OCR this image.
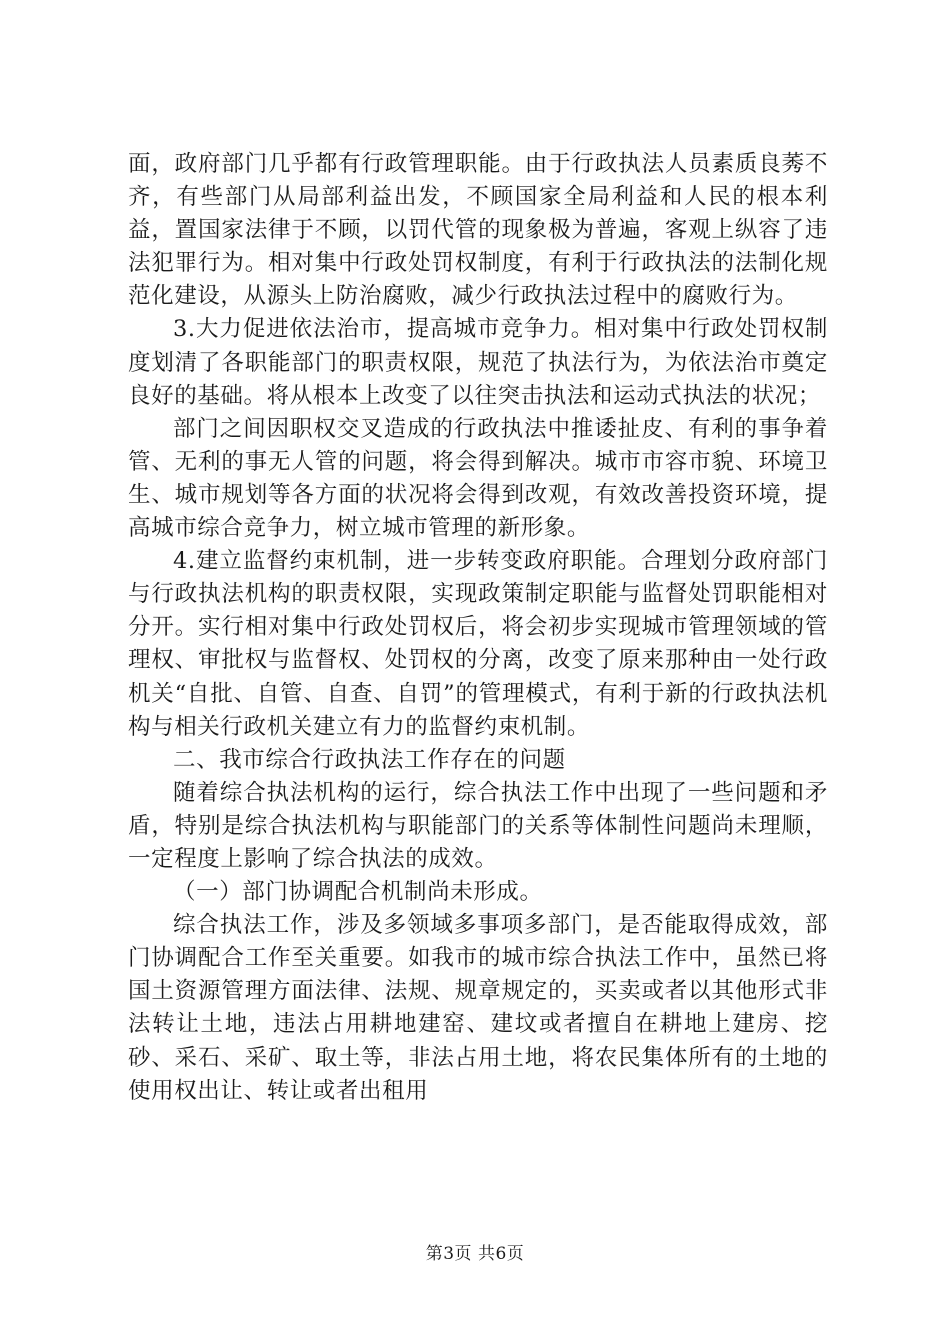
面，政府部门几乎都有行政管理职能。由于行政执法人员素质良莠不齐，有些部门从局部利益出发，不顾国家全局利益和人民的根本利益，置国家法律于不顾，以罚代管的现象极为普遍，客观上纵容了违法犯罪行为。相对集中行政处罚权制度，有利于行政执法的法制化规范化建设，从源头上防治腐败，减少行政执法过程中的腐败行为。

3.大力促进依法治市，提高城市竞争力。相对集中行政处罚权制度划清了各职能部门的职责权限，规范了执法行为，为依法治市奠定良好的基础。将从根本上改变了以往突击执法和运动式执法的状况；

部门之间因职权交叉造成的行政执法中推诿扯皮、有利的事争着管、无利的事无人管的问题，将会得到解决。城市市容市貌、环境卫生、城市规划等各方面的状况将会得到改观，有效改善投资环境，提高城市综合竞争力，树立城市管理的新形象。

4.建立监督约束机制，进一步转变政府职能。合理划分政府部门与行政执法机构的职责权限，实现政策制定职能与监督处罚职能相对分开。实行相对集中行政处罚权后，将会初步实现城市管理领域的管理权、审批权与监督权、处罚权的分离，改变了原来那种由一处行政机关“自批、自管、自查、自罚”的管理模式，有利于新的行政执法机构与相关行政机关建立有力的监督约束机制。

二、我市综合行政执法工作存在的问题

随着综合执法机构的运行，综合执法工作中出现了一些问题和矛盾，特别是综合执法机构与职能部门的关系等体制性问题尚未理顺，一定程度上影响了综合执法的成效。

（一）部门协调配合机制尚未形成。

综合执法工作，涉及多领域多事项多部门，是否能取得成效，部门协调配合工作至关重要。如我市的城市综合执法工作中，虽然已将国土资源管理方面法律、法规、规章规定的，买卖或者以其他形式非法转让土地，违法占用耕地建窑、建坟或者擅自在耕地上建房、挖砂、采石、采矿、取土等，非法占用土地，将农民集体所有的土地的使用权出让、转让或者出租用

第3页 共6页
